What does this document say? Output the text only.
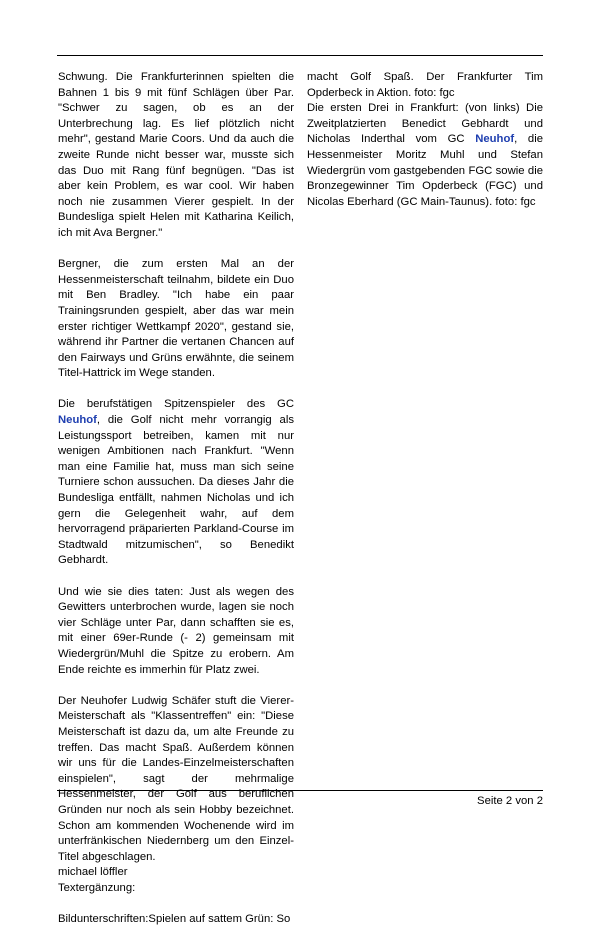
Schwung. Die Frankfurterinnen spielten die Bahnen 1 bis 9 mit fünf Schlägen über Par. "Schwer zu sagen, ob es an der Unterbrechung lag. Es lief plötzlich nicht mehr", gestand Marie Coors. Und da auch die zweite Runde nicht besser war, musste sich das Duo mit Rang fünf begnügen. "Das ist aber kein Problem, es war cool. Wir haben noch nie zusammen Vierer gespielt. In der Bundesliga spielt Helen mit Katharina Keilich, ich mit Ava Bergner."

Bergner, die zum ersten Mal an der Hessenmeisterschaft teilnahm, bildete ein Duo mit Ben Bradley. "Ich habe ein paar Trainingsrunden gespielt, aber das war mein erster richtiger Wettkampf 2020", gestand sie, während ihr Partner die vertanen Chancen auf den Fairways und Grüns erwähnte, die seinem Titel-Hattrick im Wege standen.

Die berufstätigen Spitzenspieler des GC Neuhof, die Golf nicht mehr vorrangig als Leistungssport betreiben, kamen mit nur wenigen Ambitionen nach Frankfurt. "Wenn man eine Familie hat, muss man sich seine Turniere schon aussuchen. Da dieses Jahr die Bundesliga entfällt, nahmen Nicholas und ich gern die Gelegenheit wahr, auf dem hervorragend präparierten Parkland-Course im Stadtwald mitzumischen", so Benedikt Gebhardt.

Und wie sie dies taten: Just als wegen des Gewitters unterbrochen wurde, lagen sie noch vier Schläge unter Par, dann schafften sie es, mit einer 69er-Runde (- 2) gemeinsam mit Wiedergrün/Muhl die Spitze zu erobern. Am Ende reichte es immerhin für Platz zwei.

Der Neuhofer Ludwig Schäfer stuft die Vierer-Meisterschaft als "Klassentreffen" ein: "Diese Meisterschaft ist dazu da, um alte Freunde zu treffen. Das macht Spaß. Außerdem können wir uns für die Landes-Einzelmeisterschaften einspielen", sagt der mehrmalige Hessenmeister, der Golf aus beruflichen Gründen nur noch als sein Hobby bezeichnet. Schon am kommenden Wochenende wird im unterfränkischen Niedernberg um den Einzel-Titel abgeschlagen.

michael löffler

Textergänzung:

Bildunterschriften:Spielen auf sattem Grün: So

macht Golf Spaß. Der Frankfurter Tim Opderbeck in Aktion. foto: fgc

Die ersten Drei in Frankfurt: (von links) Die Zweitplatzierten Benedict Gebhardt und Nicholas Inderthal vom GC Neuhof, die Hessenmeister Moritz Muhl und Stefan Wiedergrün vom gastgebenden FGC sowie die Bronzegewinner Tim Opderbeck (FGC) und Nicolas Eberhard (GC Main-Taunus). foto: fgc

Seite 2 von 2
